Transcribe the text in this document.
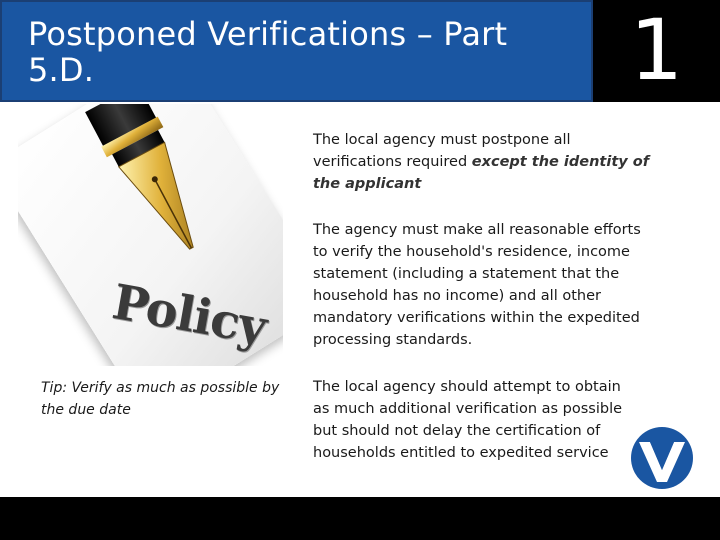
Postponed Verifications – Part 5.D.	1
Policy
Tip: Verify as much as possible by the due date
The local agency must postpone all verifications required except the identity of the applicant
The agency must make all reasonable efforts to verify the household's residence, income statement (including a statement that the household has no income) and all other mandatory verifications within the expedited processing standards.
The local agency should attempt to obtain as much additional verification as possible but should not delay the certification of households entitled to expedited service
